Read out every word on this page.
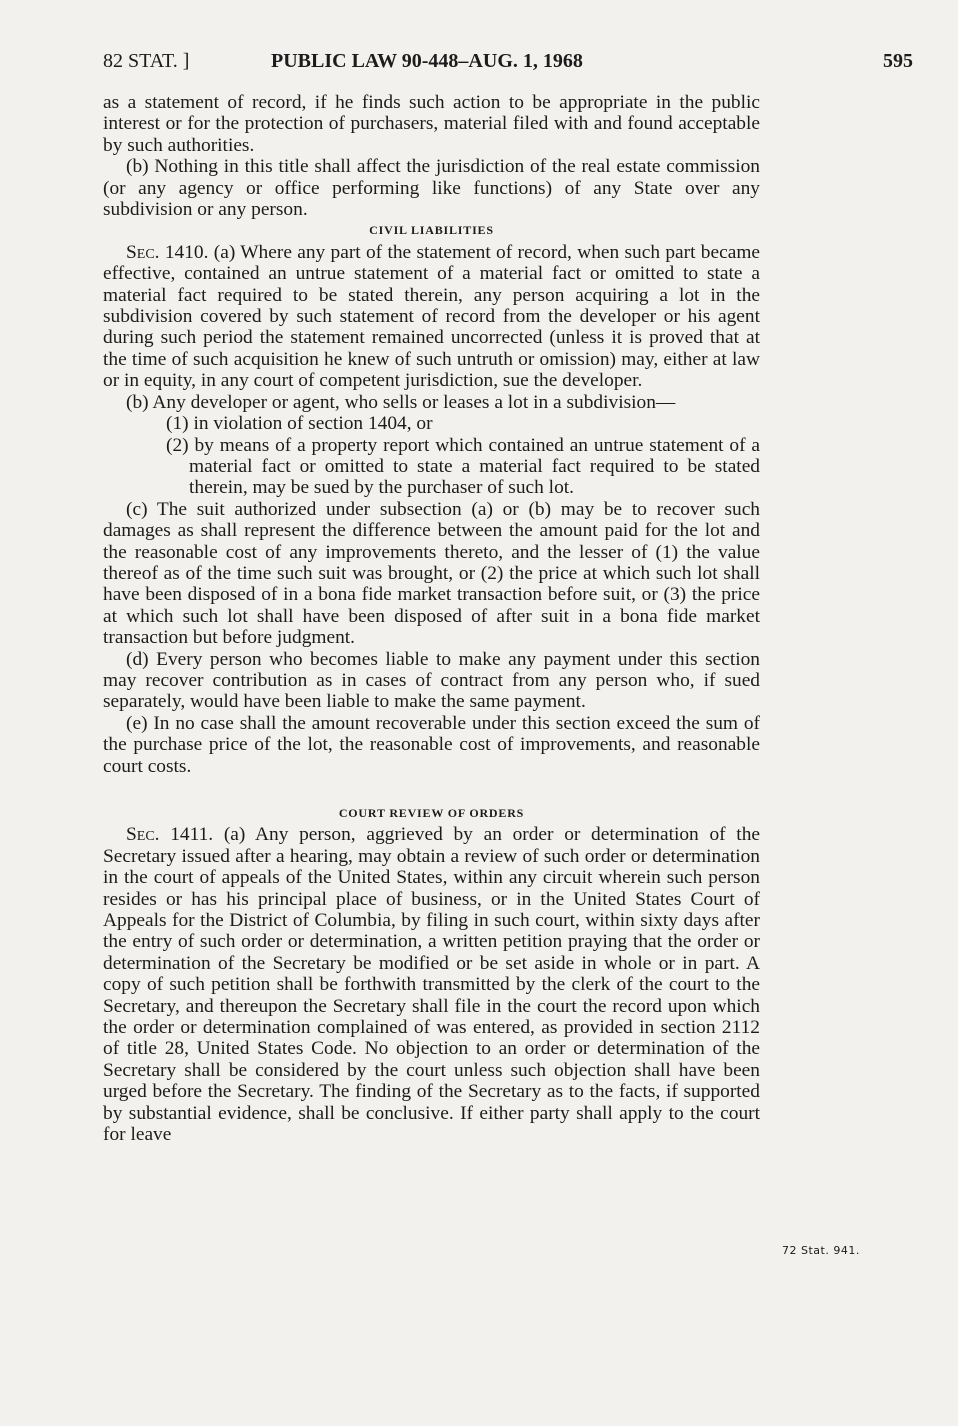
82 STAT. ]	PUBLIC LAW 90-448–AUG. 1, 1968	595

as a statement of record, if he finds such action to be appropriate in the public interest or for the protection of purchasers, material filed with and found acceptable by such authorities.

(b) Nothing in this title shall affect the jurisdiction of the real estate commission (or any agency or office performing like functions) of any State over any subdivision or any person.

CIVIL LIABILITIES

Sec. 1410. (a) Where any part of the statement of record, when such part became effective, contained an untrue statement of a material fact or omitted to state a material fact required to be stated therein, any person acquiring a lot in the subdivision covered by such statement of record from the developer or his agent during such period the statement remained uncorrected (unless it is proved that at the time of such acquisition he knew of such untruth or omission) may, either at law or in equity, in any court of competent jurisdiction, sue the developer.

(b) Any developer or agent, who sells or leases a lot in a subdivision—

(1) in violation of section 1404, or

(2) by means of a property report which contained an untrue statement of a material fact or omitted to state a material fact required to be stated therein, may be sued by the purchaser of such lot.

(c) The suit authorized under subsection (a) or (b) may be to recover such damages as shall represent the difference between the amount paid for the lot and the reasonable cost of any improvements thereto, and the lesser of (1) the value thereof as of the time such suit was brought, or (2) the price at which such lot shall have been disposed of in a bona fide market transaction before suit, or (3) the price at which such lot shall have been disposed of after suit in a bona fide market transaction but before judgment.

(d) Every person who becomes liable to make any payment under this section may recover contribution as in cases of contract from any person who, if sued separately, would have been liable to make the same payment.

(e) In no case shall the amount recoverable under this section exceed the sum of the purchase price of the lot, the reasonable cost of improvements, and reasonable court costs.

COURT REVIEW OF ORDERS

Sec. 1411. (a) Any person, aggrieved by an order or determination of the Secretary issued after a hearing, may obtain a review of such order or determination in the court of appeals of the United States, within any circuit wherein such person resides or has his principal place of business, or in the United States Court of Appeals for the District of Columbia, by filing in such court, within sixty days after the entry of such order or determination, a written petition praying that the order or determination of the Secretary be modified or be set aside in whole or in part. A copy of such petition shall be forthwith transmitted by the clerk of the court to the Secretary, and thereupon the Secretary shall file in the court the record upon which the order or determination complained of was entered, as provided in section 2112 of title 28, United States Code. No objection to an order or determination of the Secretary shall be considered by the court unless such objection shall have been urged before the Secretary. The finding of the Secretary as to the facts, if supported by substantial evidence, shall be conclusive. If either party shall apply to the court for leave

72 Stat. 941.
